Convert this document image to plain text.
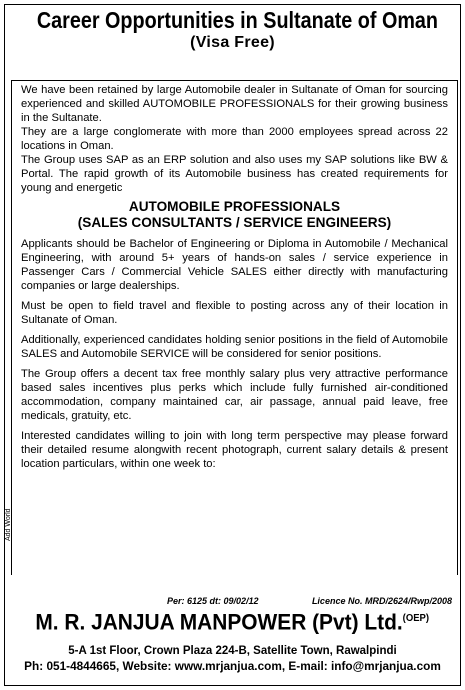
Career Opportunities in Sultanate of Oman
(Visa Free)

We have been retained by large Automobile dealer in Sultanate of Oman for sourcing experienced and skilled AUTOMOBILE PROFESSIONALS for their growing business in the Sultanate.

They are a large conglomerate with more than 2000 employees spread across 22 locations in Oman.

The Group uses SAP as an ERP solution and also uses my SAP solutions like BW & Portal. The rapid growth of its Automobile business has created requirements for young and energetic

AUTOMOBILE PROFESSIONALS
(SALES CONSULTANTS / SERVICE ENGINEERS)

Applicants should be Bachelor of Engineering or Diploma in Automobile / Mechanical Engineering, with around 5+ years of hands-on sales / service experience in Passenger Cars / Commercial Vehicle SALES either directly with manufacturing companies or large dealerships.

Must be open to field travel and flexible to posting across any of their location in Sultanate of Oman.

Additionally, experienced candidates holding senior positions in the field of Automobile SALES and Automobile SERVICE will be considered for senior positions.

The Group offers a decent tax free monthly salary plus very attractive performance based sales incentives plus perks which include fully furnished air-conditioned accommodation, company maintained car, air passage, annual paid leave, free medicals, gratuity, etc.

Interested candidates willing to join with long term perspective may please forward their detailed resume alongwith recent photograph, current salary details & present location particulars, within one week to:

Add World
Per: 6125 dt: 09/02/12	Licence No. MRD/2624/Rwp/2008
M. R. JANJUA MANPOWER (Pvt) Ltd.$^{(OEP)}$
5-A 1st Floor, Crown Plaza 224-B, Satellite Town, Rawalpindi
Ph: 051-4844665, Website: www.mrjanjua.com, E-mail: info@mrjanjua.com
